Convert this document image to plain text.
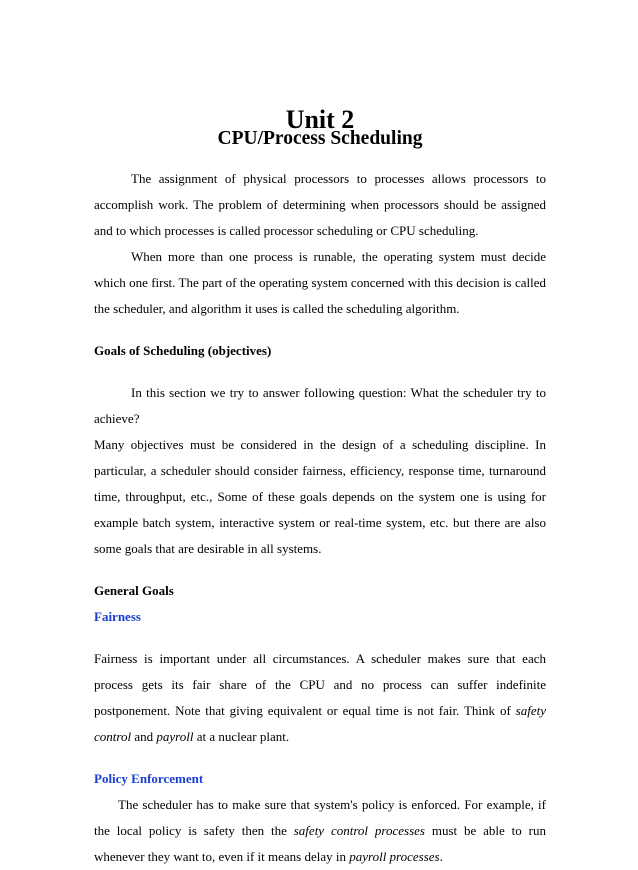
Unit 2
CPU/Process Scheduling

The assignment of physical processors to processes allows processors to accomplish work. The problem of determining when processors should be assigned and to which processes is called processor scheduling or CPU scheduling.

When more than one process is runable, the operating system must decide which one first. The part of the operating system concerned with this decision is called the scheduler, and algorithm it uses is called the scheduling algorithm.

Goals of Scheduling (objectives)

In this section we try to answer following question: What the scheduler try to achieve?

Many objectives must be considered in the design of a scheduling discipline. In particular, a scheduler should consider fairness, efficiency, response time, turnaround time, throughput, etc., Some of these goals depends on the system one is using for example batch system, interactive system or real-time system, etc. but there are also some goals that are desirable in all systems.

General Goals
Fairness

Fairness is important under all circumstances. A scheduler makes sure that each process gets its fair share of the CPU and no process can suffer indefinite postponement. Note that giving equivalent or equal time is not fair. Think of safety control and payroll at a nuclear plant.

Policy Enforcement

The scheduler has to make sure that system's policy is enforced. For example, if the local policy is safety then the safety control processes must be able to run whenever they want to, even if it means delay in payroll processes.
